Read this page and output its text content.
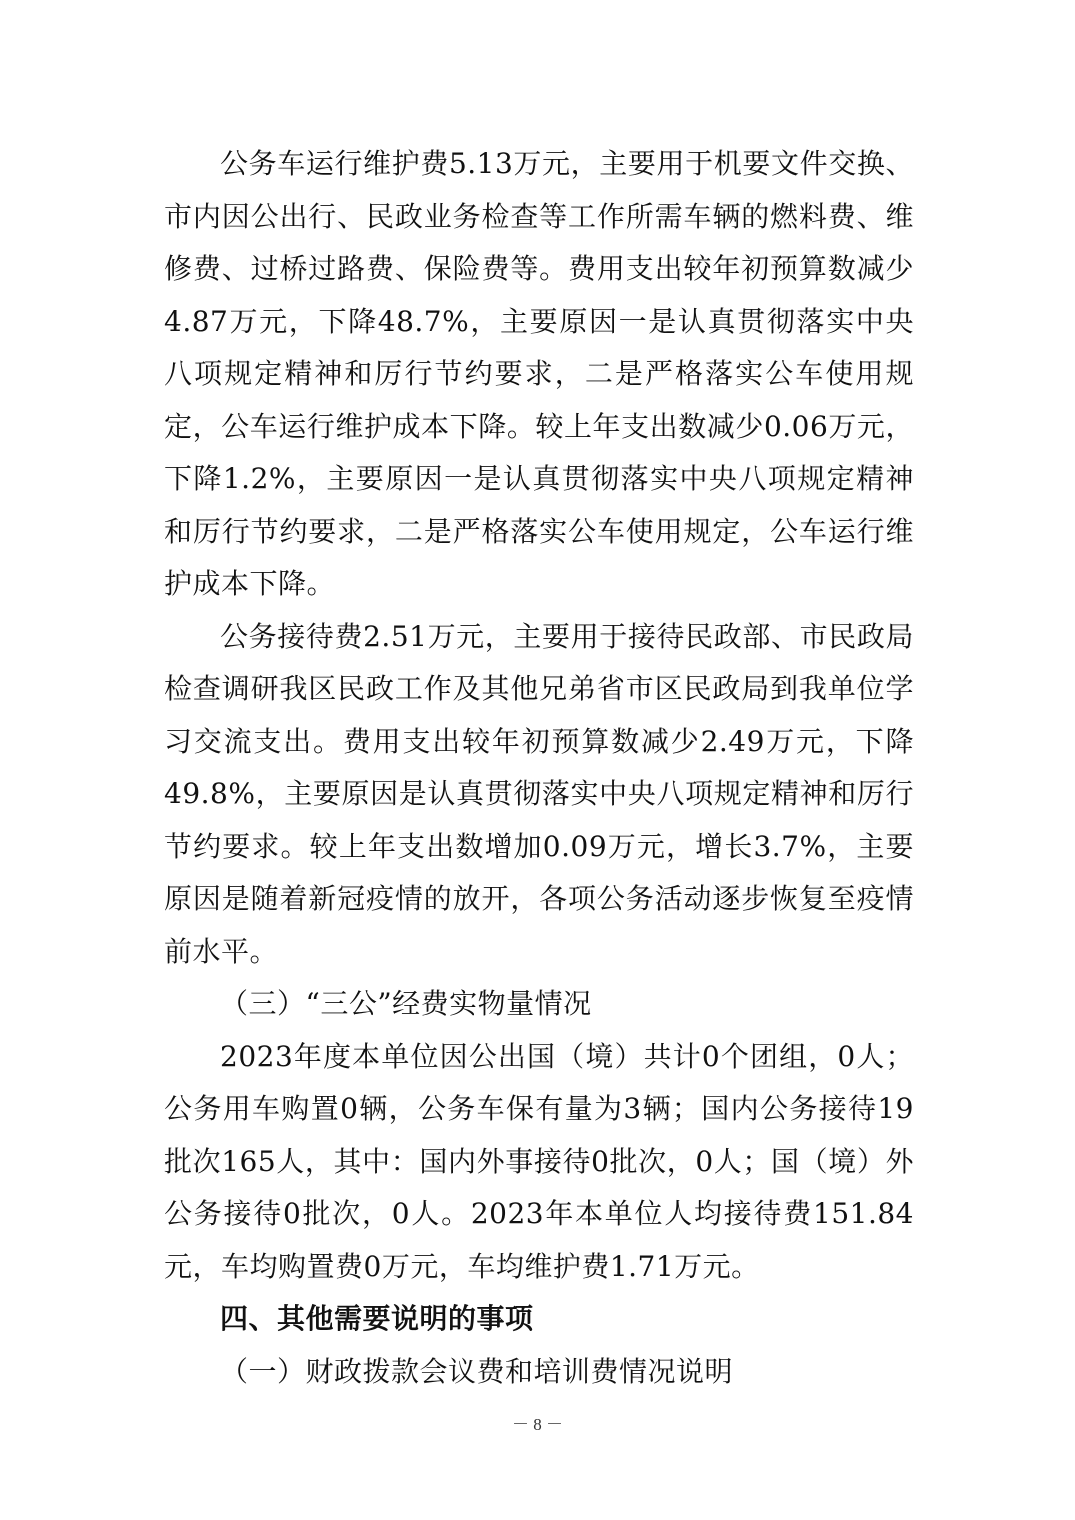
公务车运行维护费5.13万元，主要用于机要文件交换、市内因公出行、民政业务检查等工作所需车辆的燃料费、维修费、过桥过路费、保险费等。费用支出较年初预算数减少4.87万元，下降48.7%，主要原因一是认真贯彻落实中央八项规定精神和厉行节约要求，二是严格落实公车使用规定，公车运行维护成本下降。较上年支出数减少0.06万元，下降1.2%，主要原因一是认真贯彻落实中央八项规定精神和厉行节约要求，二是严格落实公车使用规定，公车运行维护成本下降。

公务接待费2.51万元，主要用于接待民政部、市民政局检查调研我区民政工作及其他兄弟省市区民政局到我单位学习交流支出。费用支出较年初预算数减少2.49万元，下降49.8%，主要原因是认真贯彻落实中央八项规定精神和厉行节约要求。较上年支出数增加0.09万元，增长3.7%，主要原因是随着新冠疫情的放开，各项公务活动逐步恢复至疫情前水平。

（三）“三公”经费实物量情况

2023年度本单位因公出国（境）共计0个团组，0人；公务用车购置0辆，公务车保有量为3辆；国内公务接待19批次165人，其中：国内外事接待0批次，0人；国（境）外公务接待0批次，0人。2023年本单位人均接待费151.84元，车均购置费0万元，车均维护费1.71万元。

四、其他需要说明的事项

（一）财政拨款会议费和培训费情况说明

－ 8 －
